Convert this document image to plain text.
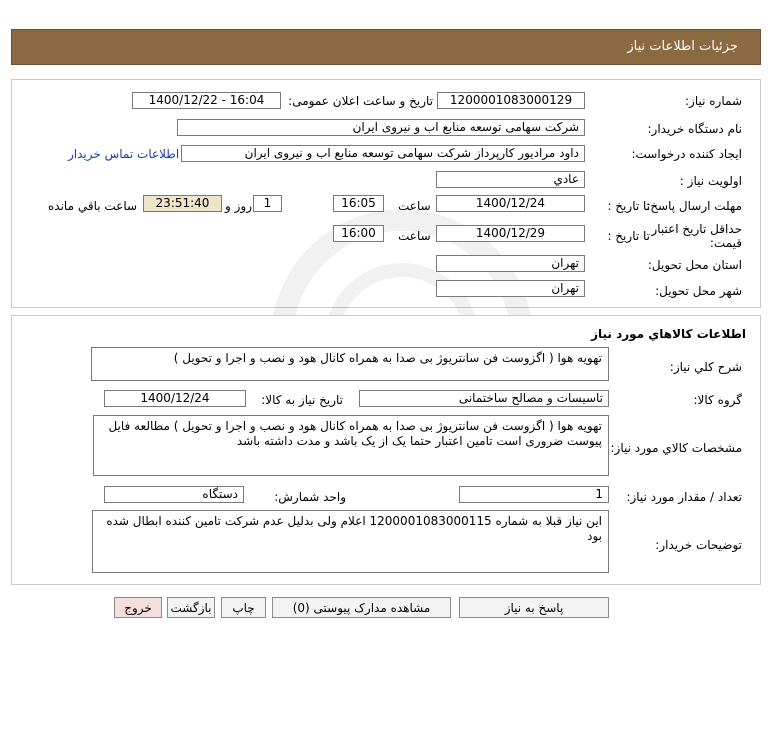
جزئیات اطلاعات نیاز
شماره نیاز:
1200001083000129
تاریخ و ساعت اعلان عمومی:
1400/12/22 - 16:04
نام دستگاه خریدار:
شرکت سهامی توسعه منابع اب و نیروی ایران
ایجاد کننده درخواست:
داود مرادیور کارپرداز شرکت سهامی توسعه منابع اب و نیروی ایران
اطلاعات تماس خریدار
اولویت نیاز :
عادي
مهلت ارسال پاسخ:
تا تاریخ :
1400/12/24
ساعت
16:05
1
روز و
23:51:40
ساعت باقي مانده
حداقل تاریخ اعتبار
قیمت:
تا تاریخ :
1400/12/29
ساعت
16:00
استان محل تحویل:
تهران
شهر محل تحویل:
تهران
اطلاعات کالاهاي مورد نياز
شرح کلي نياز:
تهویه هوا ( اگزوست فن سانتریوژ بی صدا به همراه کانال هود و نصب و اجرا و تحویل )
گروه کالا:
تاسیسات و مصالح ساختمانی
تاریخ نیاز به کالا:
1400/12/24
مشخصات کالاي مورد نياز:
تهویه هوا ( اگزوست فن سانتریوژ بی صدا به همراه کانال هود و نصب و اجرا و تحویل ) مطالعه فایل پیوست ضروری است تامین اعتبار حتما یک از یک باشد و مدت داشته باشد
تعداد / مقدار مورد نیاز:
1
واحد شمارش:
دستگاه
توضيحات خريدار:
این نیاز قبلا به شماره 1200001083000115 اعلام ولی بدلیل عدم شرکت تامین کننده ابطال شده بود
پاسخ به نیاز
مشاهده مدارک پیوستی (0)
چاپ
بازگشت
خروج
